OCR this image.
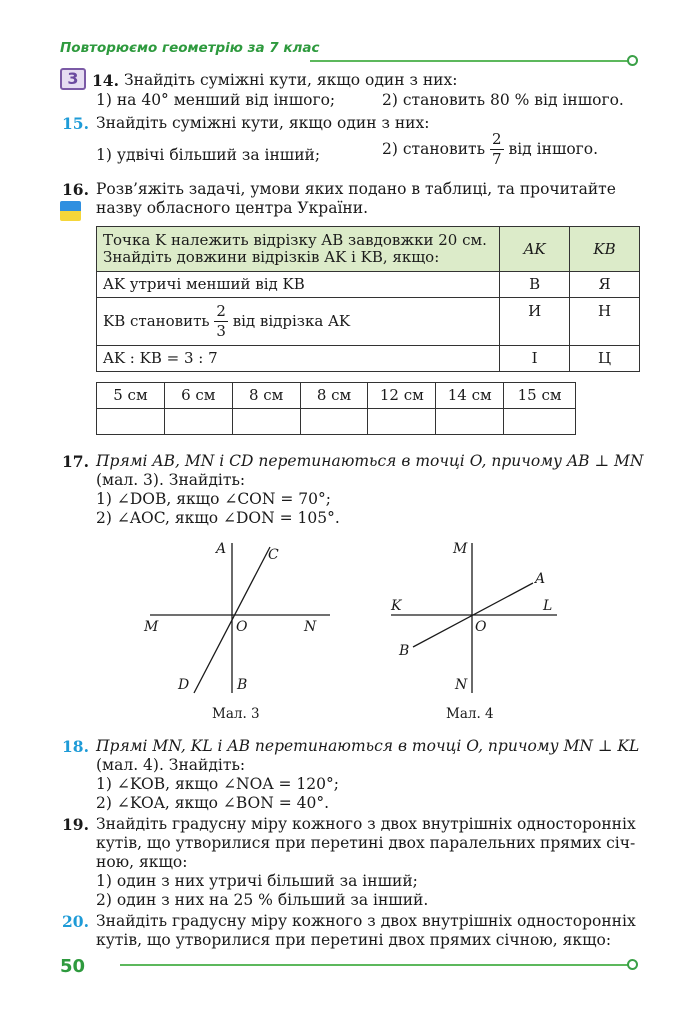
Повторюємо геометрію за 7 клас
3 14. Знайдіть суміжні кути, якщо один з них:
1) на 40° менший від іншого;	2) становить 80 % від іншого.
15. Знайдіть суміжні кути, якщо один з них:
1) удвічі більший за інший;	2) становить $\frac{2}{7}$ від іншого.
16. Розв’яжіть задачі, умови яких подано в таблиці, та прочитайте
назву обласного центра України.
Точка K належить відрізку AB завдовжки 20 см.
Знайдіть довжини відрізків AK і KB, якщо:	AK	KB
AK утричі менший від KB	В	Я
KB становить $\frac{2}{3}$ від відрізка AK	И	Н
AK : KB = 3 : 7	І	Ц
5 см	6 см	8 см	8 см	12 см	14 см	15 см

17. Прямі AB, MN і CD перетинаються в точці O, причому AB ⊥ MN
(мал. 3). Знайдіть:
1) ∠DOB, якщо ∠CON = 70°;
2) ∠AOC, якщо ∠DON = 105°.
A	C
M	O	N
D	B
Мал. 3
M
A
K	L
O
B
N
Мал. 4
18. Прямі MN, KL і AB перетинаються в точці O, причому MN ⊥ KL
(мал. 4). Знайдіть:
1) ∠KOB, якщо ∠NOA = 120°;
2) ∠KOA, якщо ∠BON = 40°.
19. Знайдіть градусну міру кожного з двох внутрішніх односторонніх
кутів, що утворилися при перетині двох паралельних прямих січ-
ною, якщо:
1) один з них утричі більший за інший;
2) один з них на 25 % більший за інший.
20. Знайдіть градусну міру кожного з двох внутрішніх односторонніх
кутів, що утворилися при перетині двох прямих січною, якщо:
50
